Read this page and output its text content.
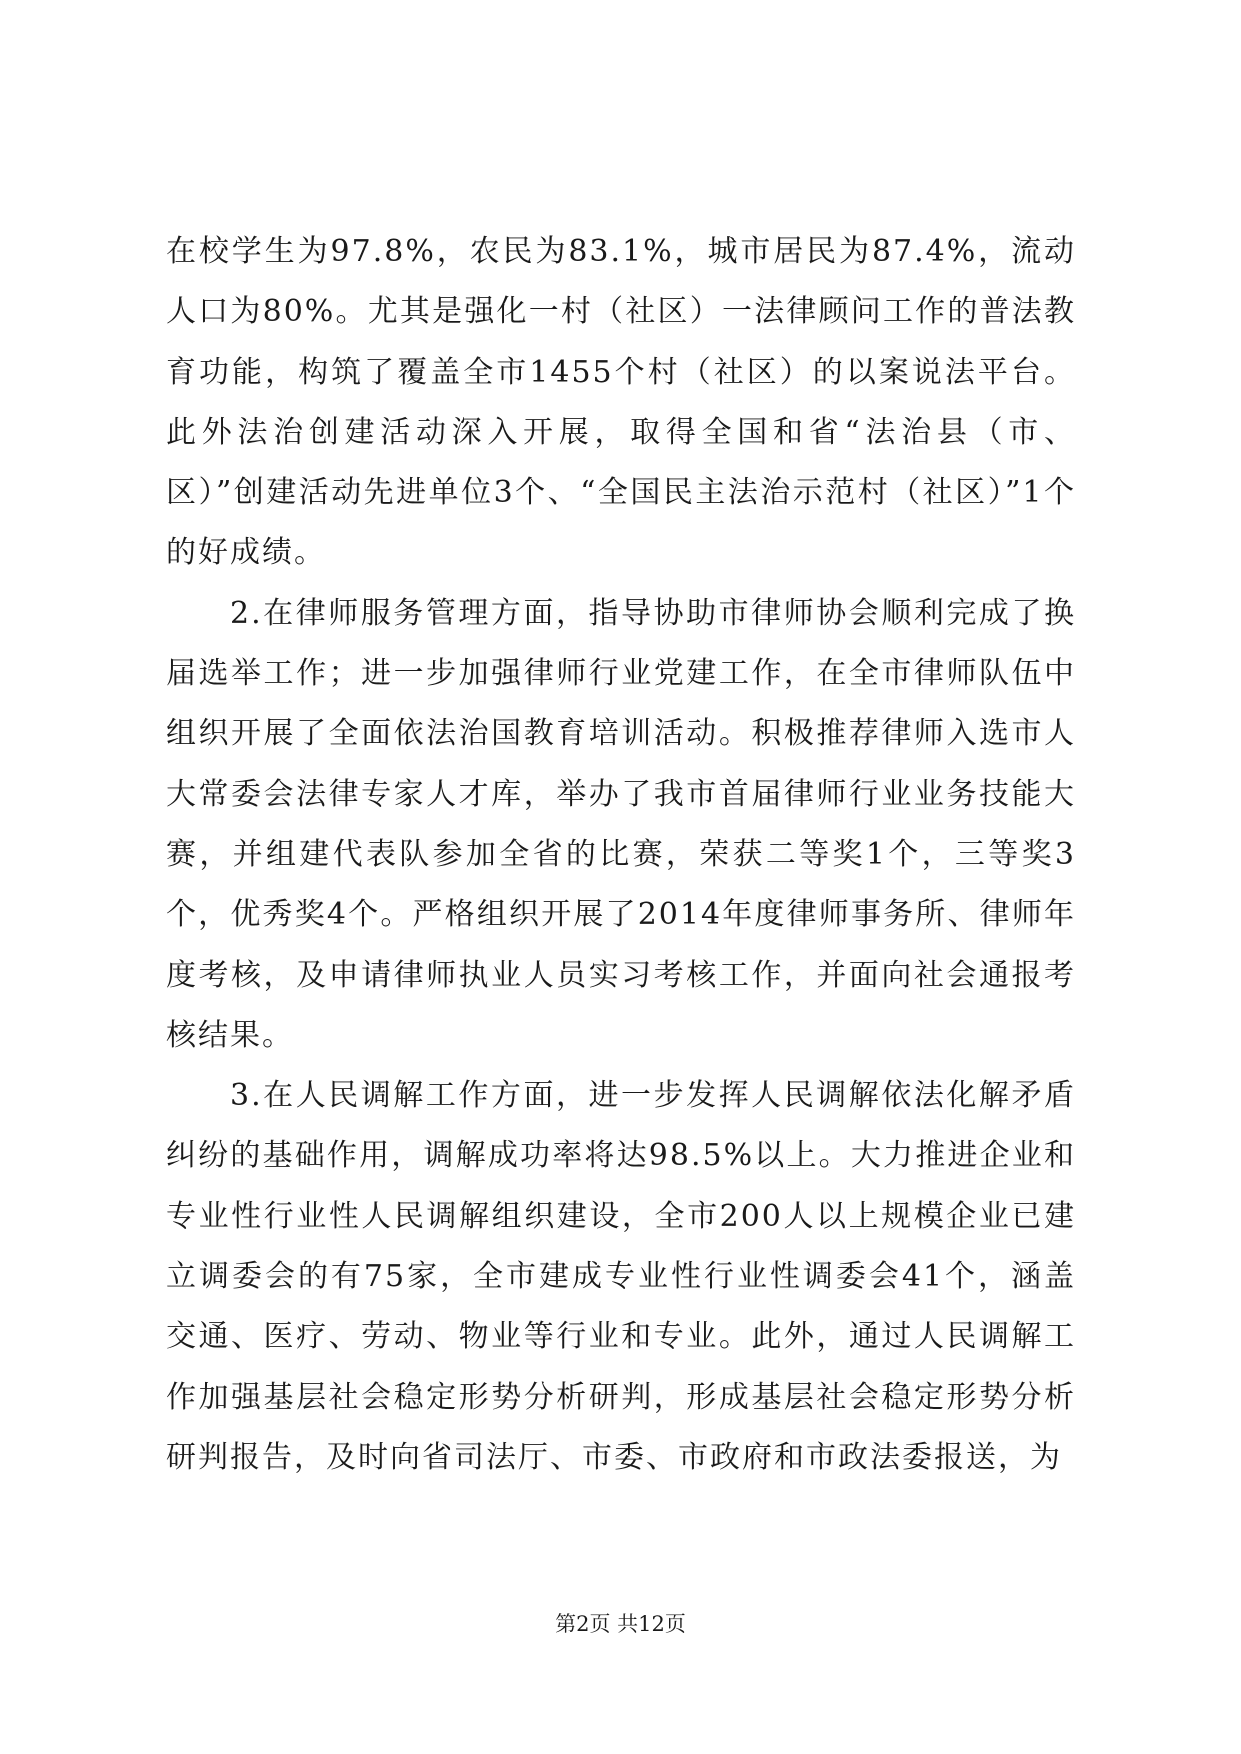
在校学生为97.8%，农民为83.1%，城市居民为87.4%，流动人口为80%。尤其是强化一村（社区）一法律顾问工作的普法教育功能，构筑了覆盖全市1455个村（社区）的以案说法平台。此外法治创建活动深入开展，取得全国和省“法治县（市、区）”创建活动先进单位3个、“全国民主法治示范村（社区）”1个的好成绩。

2.在律师服务管理方面，指导协助市律师协会顺利完成了换届选举工作；进一步加强律师行业党建工作，在全市律师队伍中组织开展了全面依法治国教育培训活动。积极推荐律师入选市人大常委会法律专家人才库，举办了我市首届律师行业业务技能大赛，并组建代表队参加全省的比赛，荣获二等奖1个，三等奖3个，优秀奖4个。严格组织开展了2014年度律师事务所、律师年度考核，及申请律师执业人员实习考核工作，并面向社会通报考核结果。

3.在人民调解工作方面，进一步发挥人民调解依法化解矛盾纠纷的基础作用，调解成功率将达98.5%以上。大力推进企业和专业性行业性人民调解组织建设，全市200人以上规模企业已建立调委会的有75家，全市建成专业性行业性调委会41个，涵盖交通、医疗、劳动、物业等行业和专业。此外，通过人民调解工作加强基层社会稳定形势分析研判，形成基层社会稳定形势分析研判报告，及时向省司法厅、市委、市政府和市政法委报送，为

第2页 共12页
